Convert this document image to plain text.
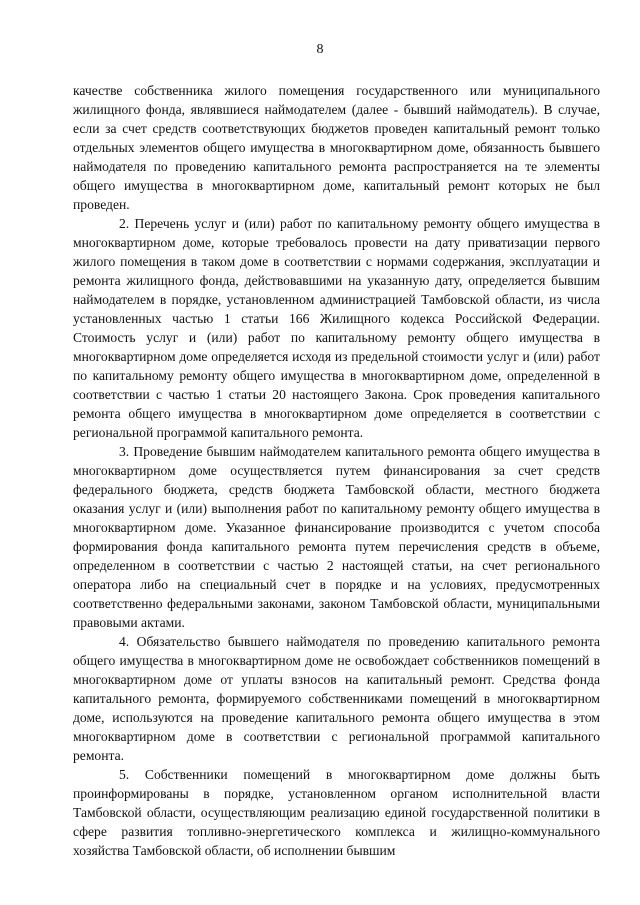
8

качестве собственника жилого помещения государственного или муниципального жилищного фонда, являвшиеся наймодателем (далее - бывший наймодатель). В случае, если за счет средств соответствующих бюджетов проведен капитальный ремонт только отдельных элементов общего имущества в многоквартирном доме, обязанность бывшего наймодателя по проведению капитального ремонта распространяется на те элементы общего имущества в многоквартирном доме, капитальный ремонт которых не был проведен.

2. Перечень услуг и (или) работ по капитальному ремонту общего имущества в многоквартирном доме, которые требовалось провести на дату приватизации первого жилого помещения в таком доме в соответствии с нормами содержания, эксплуатации и ремонта жилищного фонда, действовавшими на указанную дату, определяется бывшим наймодателем в порядке, установленном администрацией Тамбовской области, из числа установленных частью 1 статьи 166 Жилищного кодекса Российской Федерации. Стоимость услуг и (или) работ по капитальному ремонту общего имущества в многоквартирном доме определяется исходя из предельной стоимости услуг и (или) работ по капитальному ремонту общего имущества в многоквартирном доме, определенной в соответствии с частью 1 статьи 20 настоящего Закона. Срок проведения капитального ремонта общего имущества в многоквартирном доме определяется в соответствии с региональной программой капитального ремонта.

3. Проведение бывшим наймодателем капитального ремонта общего имущества в многоквартирном доме осуществляется путем финансирования за счет средств федерального бюджета, средств бюджета Тамбовской области, местного бюджета оказания услуг и (или) выполнения работ по капитальному ремонту общего имущества в многоквартирном доме. Указанное финансирование производится с учетом способа формирования фонда капитального ремонта путем перечисления средств в объеме, определенном в соответствии с частью 2 настоящей статьи, на счет регионального оператора либо на специальный счет в порядке и на условиях, предусмотренных соответственно федеральными законами, законом Тамбовской области, муниципальными правовыми актами.

4. Обязательство бывшего наймодателя по проведению капитального ремонта общего имущества в многоквартирном доме не освобождает собственников помещений в многоквартирном доме от уплаты взносов на капитальный ремонт. Средства фонда капитального ремонта, формируемого собственниками помещений в многоквартирном доме, используются на проведение капитального ремонта общего имущества в этом многоквартирном доме в соответствии с региональной программой капитального ремонта.

5. Собственники помещений в многоквартирном доме должны быть проинформированы в порядке, установленном органом исполнительной власти Тамбовской области, осуществляющим реализацию единой государственной политики в сфере развития топливно-энергетического комплекса и жилищно-коммунального хозяйства Тамбовской области, об исполнении бывшим
